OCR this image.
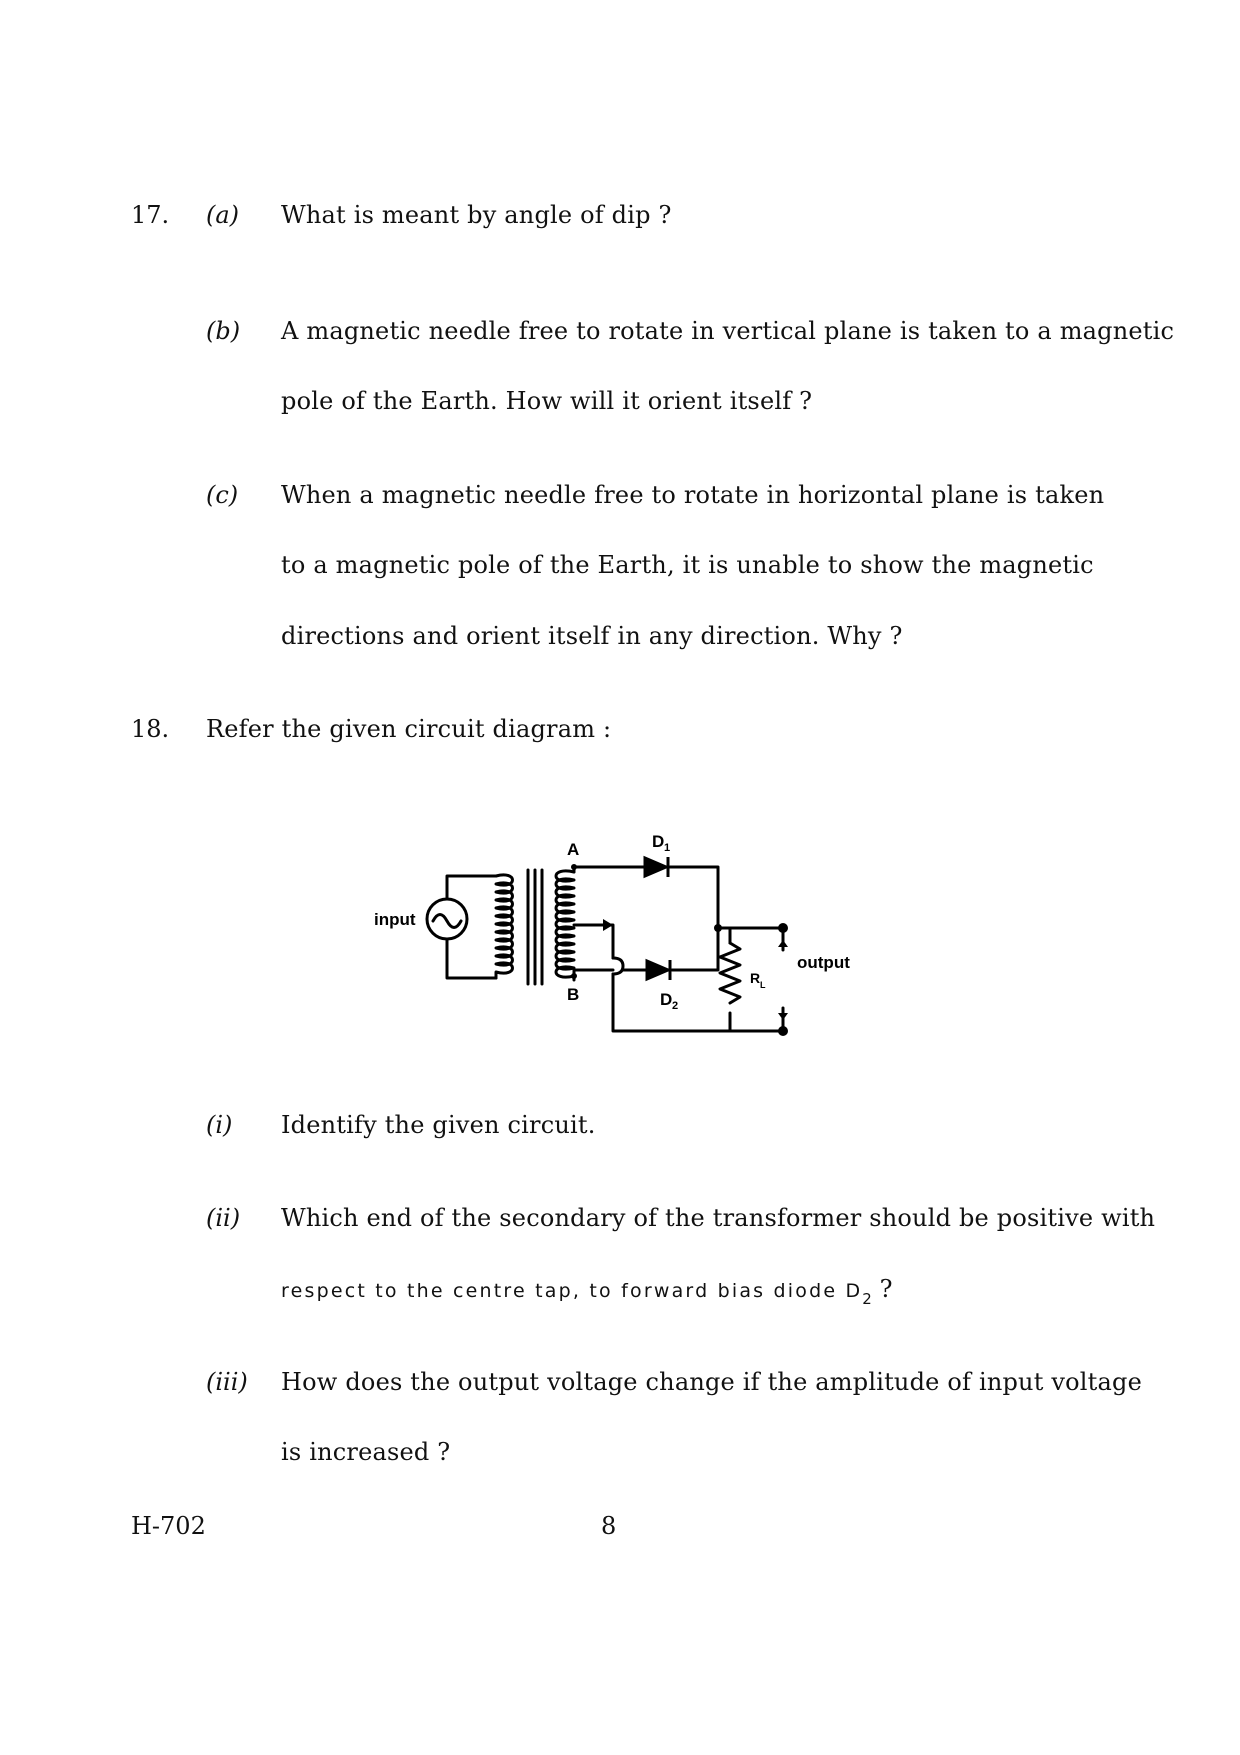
17. (a) What is meant by angle of dip ?
(b) A magnetic needle free to rotate in vertical plane is taken to a magnetic
pole of the Earth. How will it orient itself ?
(c) When a magnetic needle free to rotate in horizontal plane is taken
to a magnetic pole of the Earth, it is unable to show the magnetic
directions and orient itself in any direction. Why ?
18. Refer the given circuit diagram :
A
B
D 1
D 2
input
output
R L
(i) Identify the given circuit.
(ii) Which end of the secondary of the transformer should be positive with
respect to the centre tap, to forward bias diode $D_2$ ?
(iii) How does the output voltage change if the amplitude of input voltage
is increased ?
H-702	8
